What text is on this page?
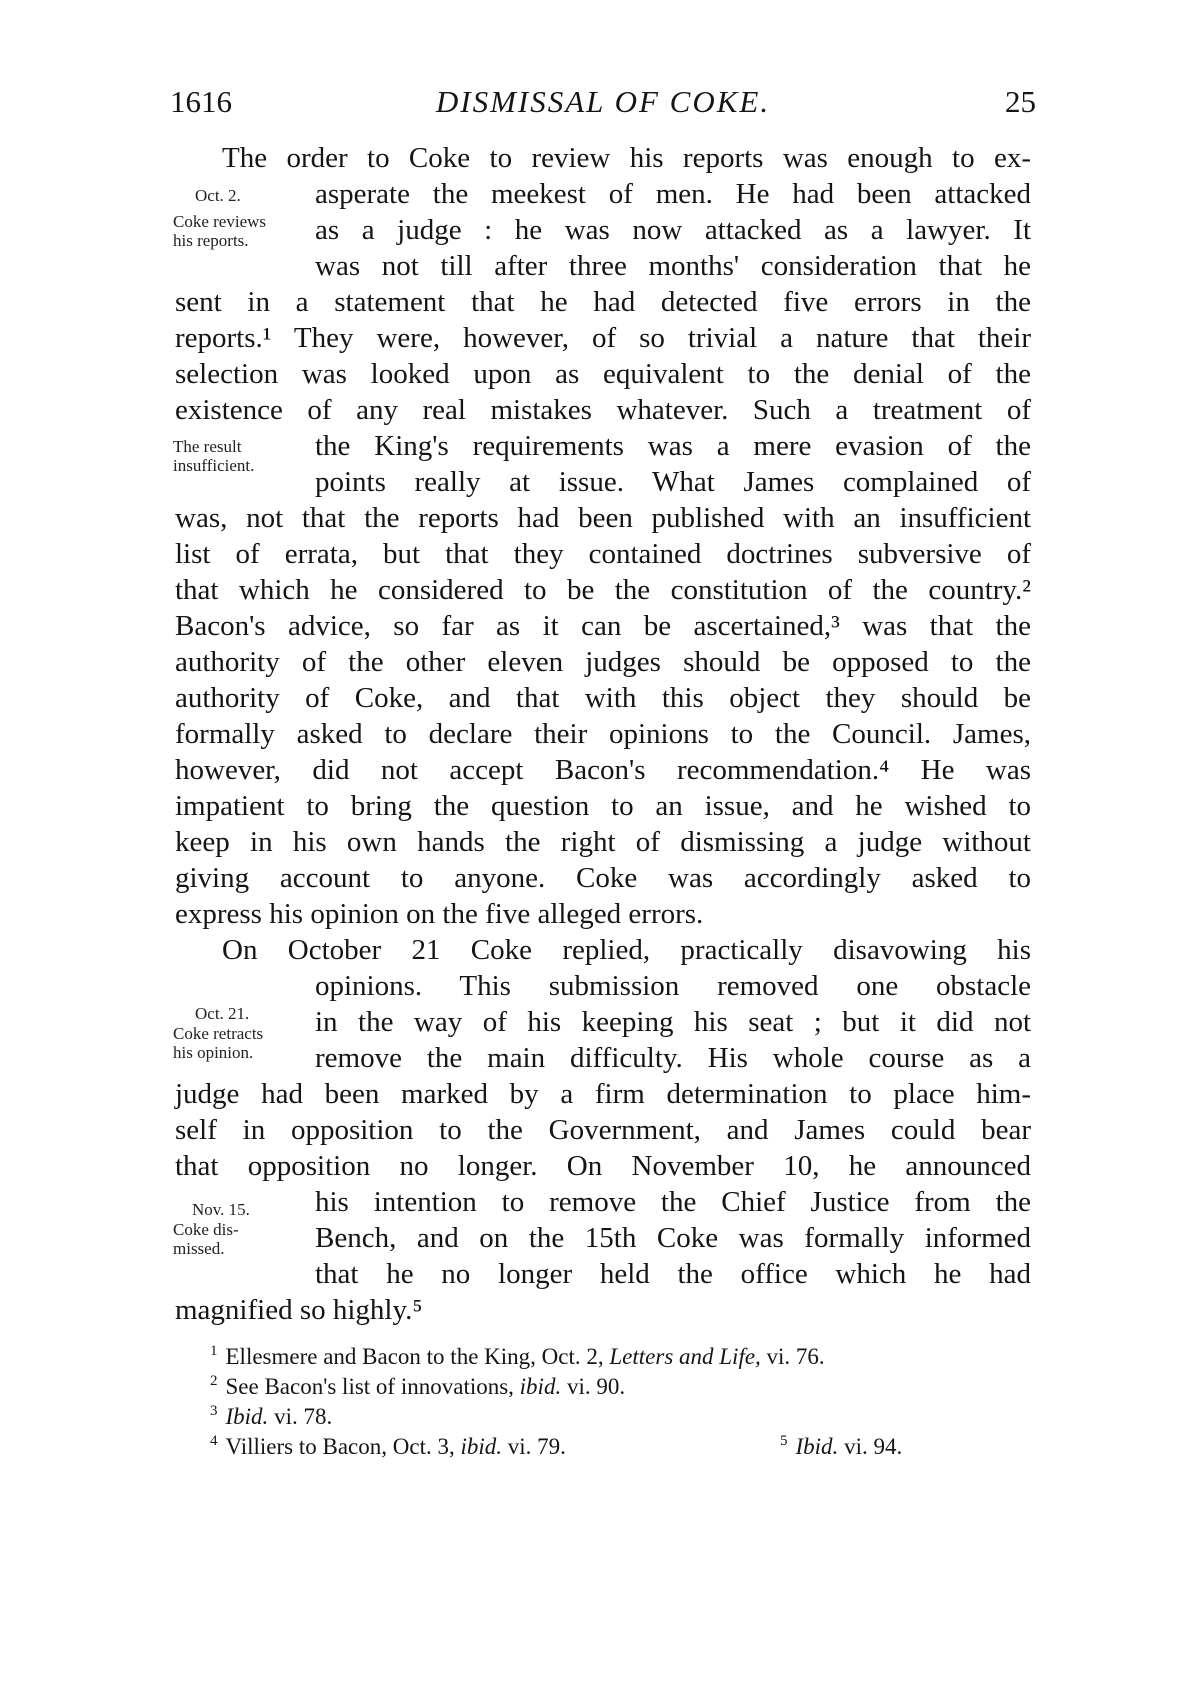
1616	DISMISSAL OF COKE.	25
The order to Coke to review his reports was enough to ex-
asperate the meekest of men. He had been attacked
as a judge : he was now attacked as a lawyer. It
was not till after three months' consideration that he
sent in a statement that he had detected five errors in the
reports.¹ They were, however, of so trivial a nature that their
selection was looked upon as equivalent to the denial of the
existence of any real mistakes whatever. Such a treatment of
the King's requirements was a mere evasion of the
points really at issue. What James complained of
was, not that the reports had been published with an insufficient
list of errata, but that they contained doctrines subversive of
that which he considered to be the constitution of the country.²
Bacon's advice, so far as it can be ascertained,³ was that the
authority of the other eleven judges should be opposed to the
authority of Coke, and that with this object they should be
formally asked to declare their opinions to the Council. James,
however, did not accept Bacon's recommendation.⁴ He was
impatient to bring the question to an issue, and he wished to
keep in his own hands the right of dismissing a judge without
giving account to anyone. Coke was accordingly asked to
express his opinion on the five alleged errors.
On October 21 Coke replied, practically disavowing his
opinions. This submission removed one obstacle
in the way of his keeping his seat ; but it did not
remove the main difficulty. His whole course as a
judge had been marked by a firm determination to place him-
self in opposition to the Government, and James could bear
that opposition no longer. On November 10, he announced
his intention to remove the Chief Justice from the
Bench, and on the 15th Coke was formally informed
that he no longer held the office which he had
magnified so highly.⁵
Oct. 2.
Coke reviews
his reports.
The result
insufficient.
Oct. 21.
Coke retracts
his opinion.
Nov. 15.
Coke dis-
missed.
$^1$ Ellesmere and Bacon to the King, Oct. 2, Letters and Life, vi. 76.
$^2$ See Bacon's list of innovations, ibid. vi. 90.
$^3$ Ibid. vi. 78.
$^4$ Villiers to Bacon, Oct. 3, ibid. vi. 79.	$^5$ Ibid. vi. 94.
